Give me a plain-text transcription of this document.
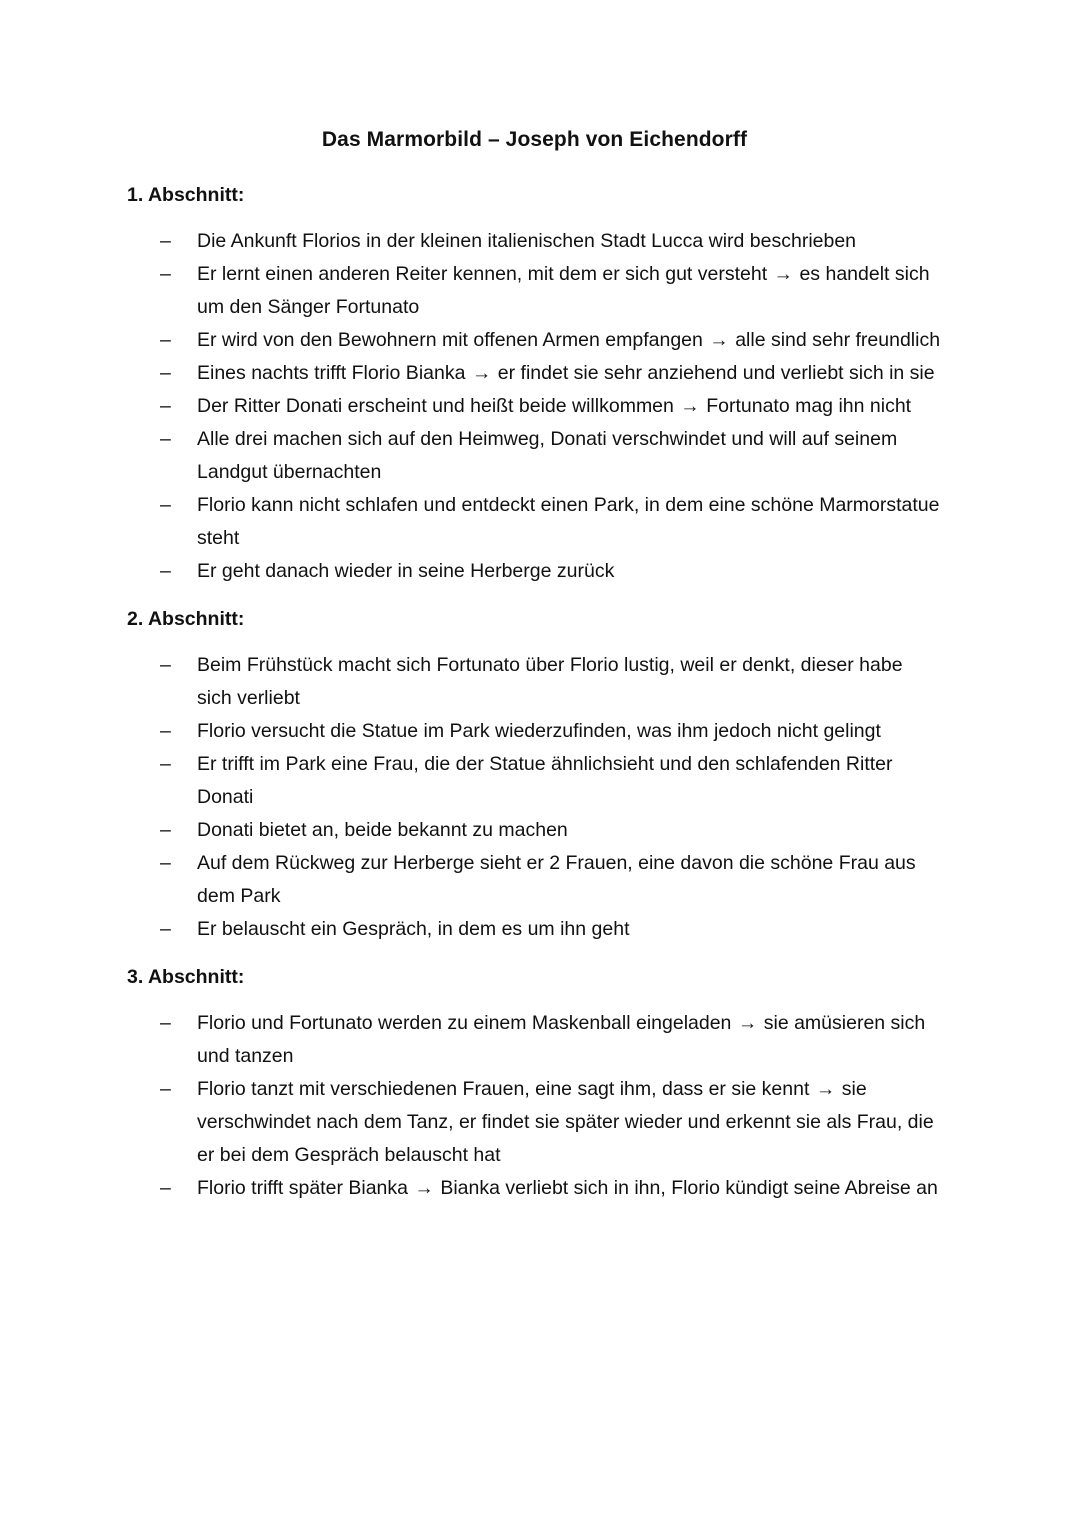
Das Marmorbild – Joseph von Eichendorff
1. Abschnitt:
– Die Ankunft Florios in der kleinen italienischen Stadt Lucca wird beschrieben
– Er lernt einen anderen Reiter kennen, mit dem er sich gut versteht → es handelt sich um den Sänger Fortunato
– Er wird von den Bewohnern mit offenen Armen empfangen → alle sind sehr freundlich
– Eines nachts trifft Florio Bianka → er findet sie sehr anziehend und verliebt sich in sie
– Der Ritter Donati erscheint und heißt beide willkommen → Fortunato mag ihn nicht
– Alle drei machen sich auf den Heimweg, Donati verschwindet und will auf seinem Landgut übernachten
– Florio kann nicht schlafen und entdeckt einen Park, in dem eine schöne Marmorstatue steht
– Er geht danach wieder in seine Herberge zurück
2. Abschnitt:
– Beim Frühstück macht sich Fortunato über Florio lustig, weil er denkt, dieser habe sich verliebt
– Florio versucht die Statue im Park wiederzufinden, was ihm jedoch nicht gelingt
– Er trifft im Park eine Frau, die der Statue ähnlichsieht und den schlafenden Ritter Donati
– Donati bietet an, beide bekannt zu machen
– Auf dem Rückweg zur Herberge sieht er 2 Frauen, eine davon die schöne Frau aus dem Park
– Er belauscht ein Gespräch, in dem es um ihn geht
3. Abschnitt:
– Florio und Fortunato werden zu einem Maskenball eingeladen → sie amüsieren sich und tanzen
– Florio tanzt mit verschiedenen Frauen, eine sagt ihm, dass er sie kennt → sie verschwindet nach dem Tanz, er findet sie später wieder und erkennt sie als Frau, die er bei dem Gespräch belauscht hat
– Florio trifft später Bianka → Bianka verliebt sich in ihn, Florio kündigt seine Abreise an
